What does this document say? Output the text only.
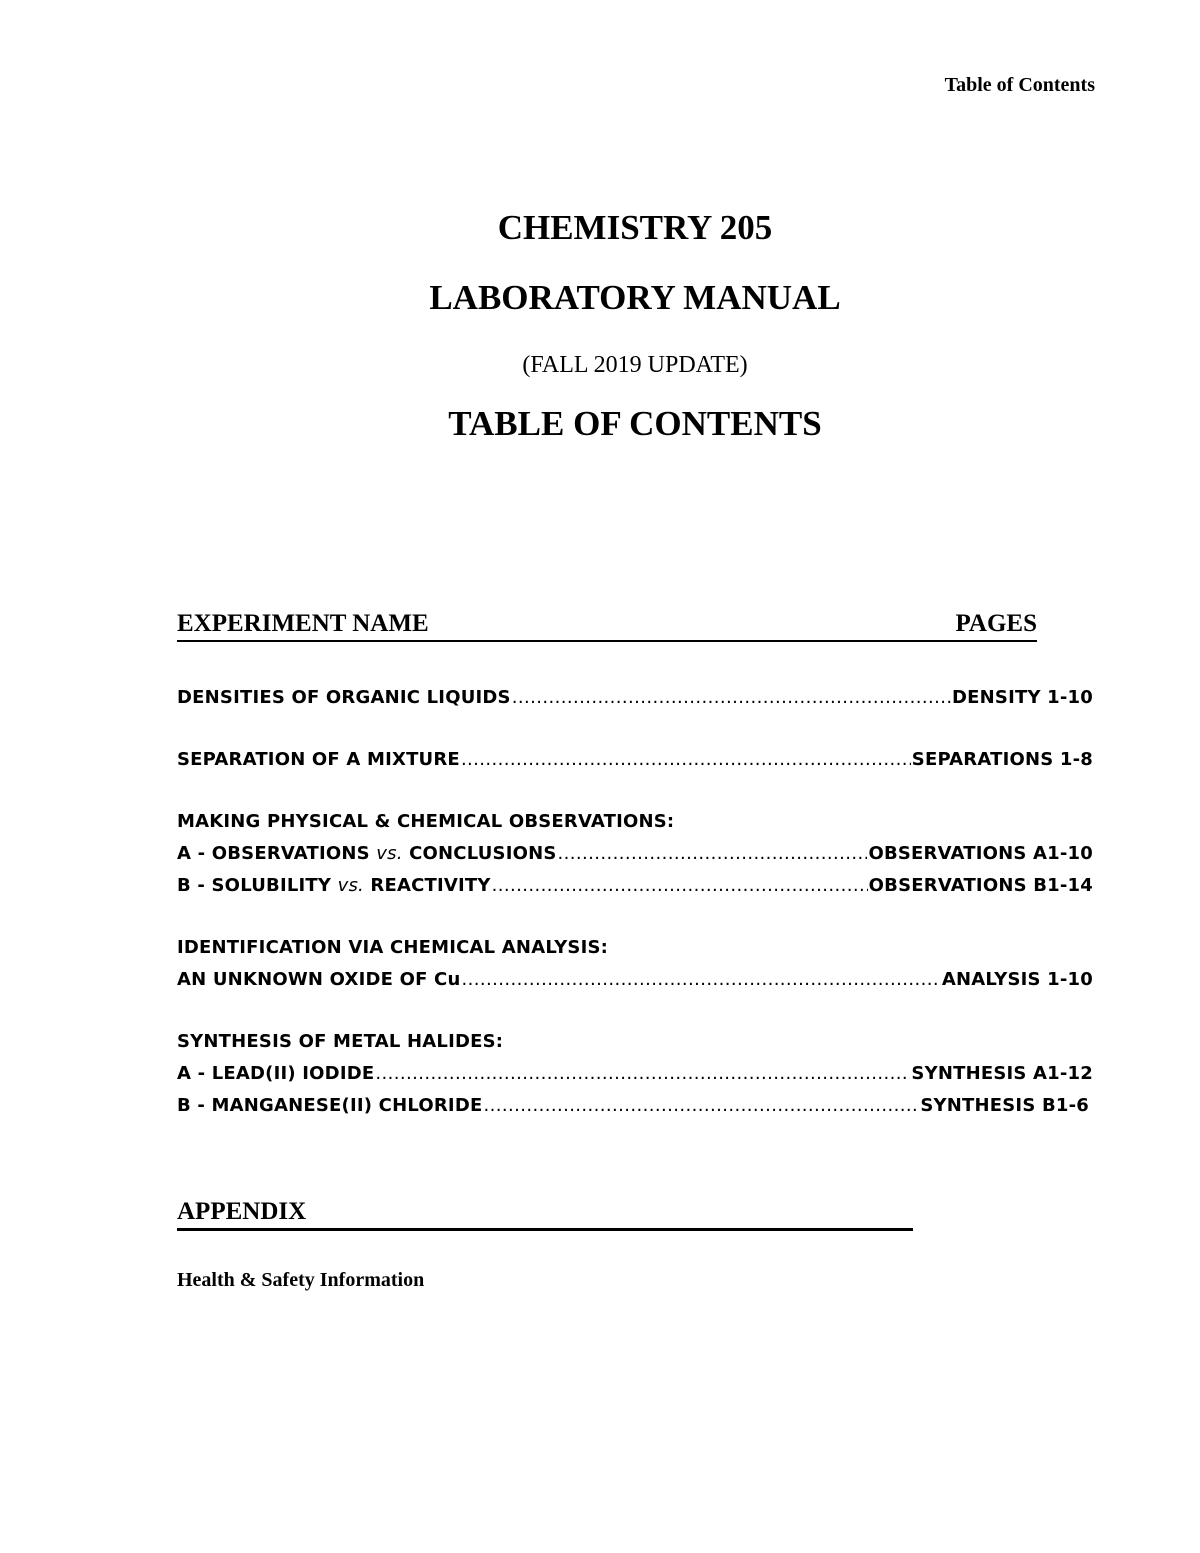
Table of Contents
CHEMISTRY 205
LABORATORY MANUAL
(FALL 2019 UPDATE)
TABLE OF CONTENTS
EXPERIMENT NAME	PAGES
DENSITIES OF ORGANIC LIQUIDS .....	DENSITY 1-10
SEPARATION OF A MIXTURE .....	SEPARATIONS 1-8
MAKING PHYSICAL & CHEMICAL OBSERVATIONS:
A - OBSERVATIONS vs. CONCLUSIONS .....	OBSERVATIONS A1-10
B - SOLUBILITY vs. REACTIVITY .....	OBSERVATIONS B1-14
IDENTIFICATION VIA CHEMICAL ANALYSIS:
AN UNKNOWN OXIDE OF Cu .....	ANALYSIS 1-10
SYNTHESIS OF METAL HALIDES:
A - LEAD(II) IODIDE .....	SYNTHESIS A1-12
B - MANGANESE(II) CHLORIDE .....	SYNTHESIS B1-6
APPENDIX
Health & Safety Information
